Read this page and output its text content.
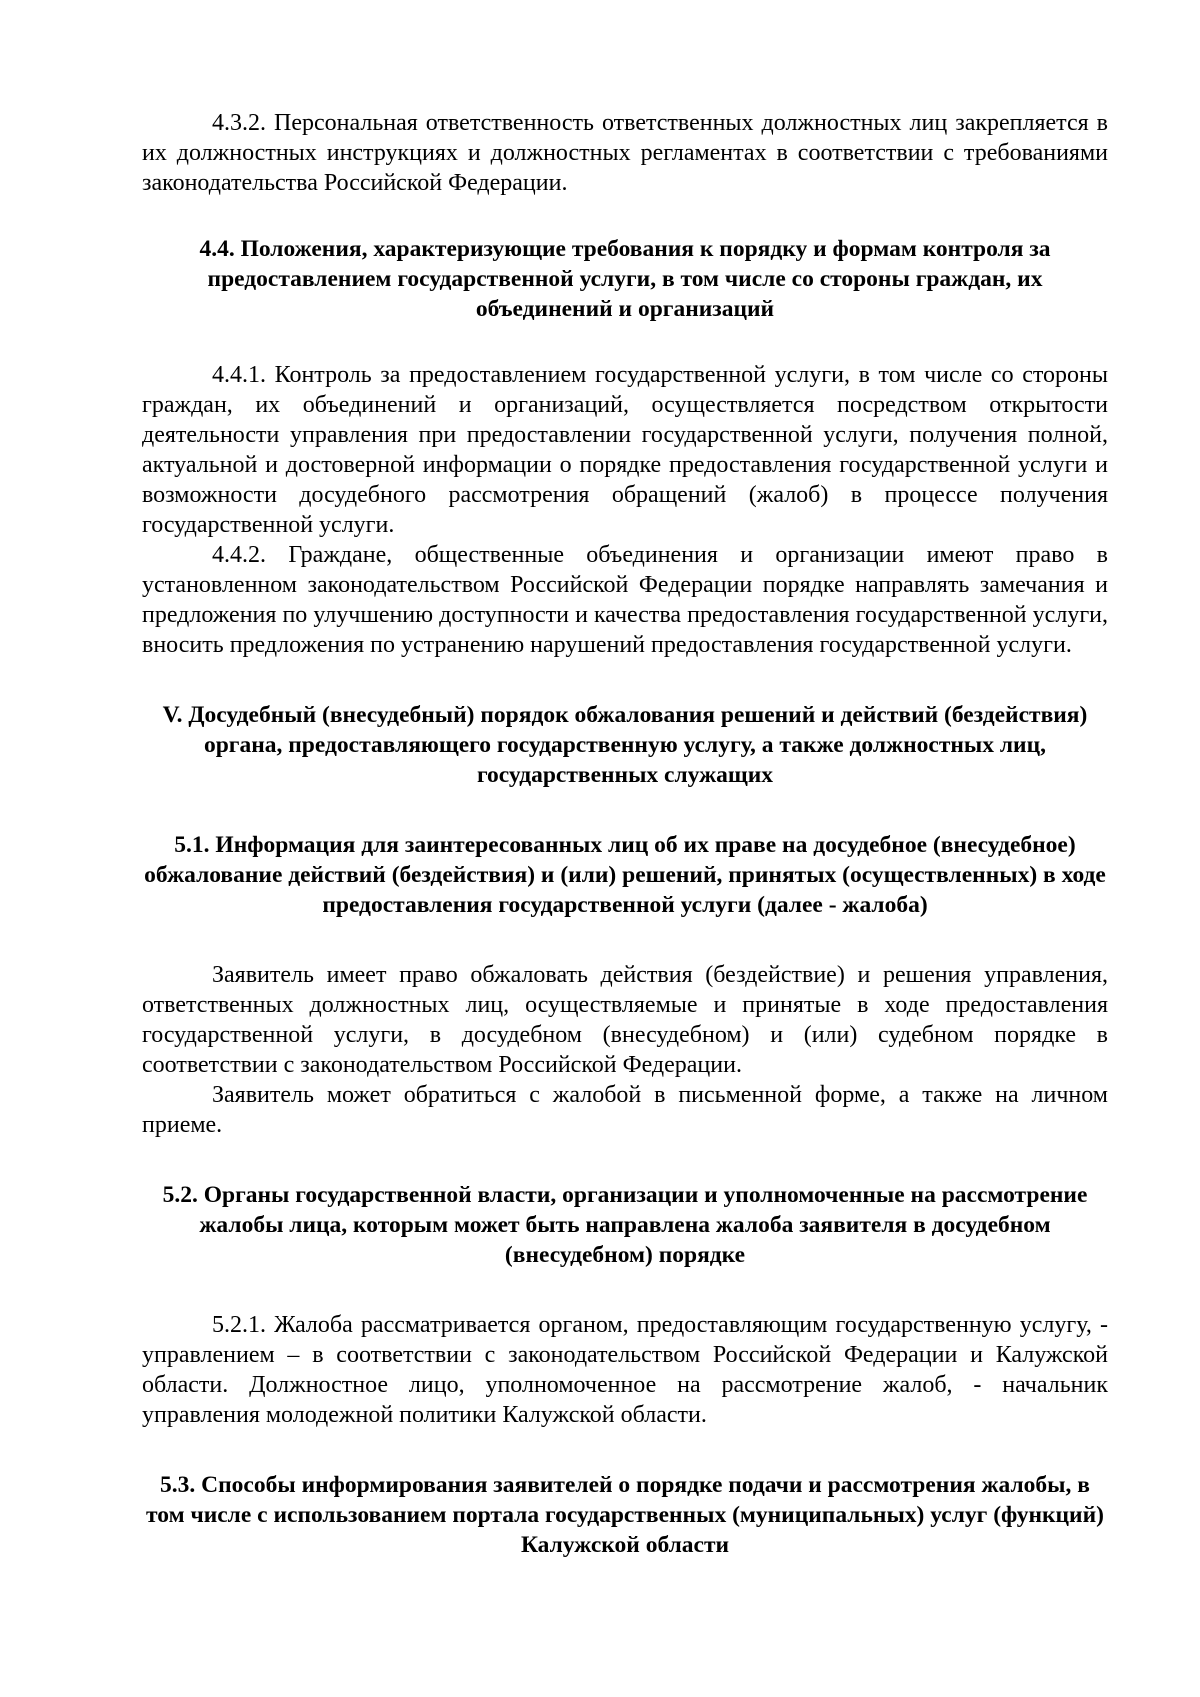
4.3.2. Персональная ответственность ответственных должностных лиц закрепляется в их должностных инструкциях и должностных регламентах в соответствии с требованиями законодательства Российской Федерации.

4.4. Положения, характеризующие требования к порядку и формам контроля за предоставлением государственной услуги, в том числе со стороны граждан, их объединений и организаций

4.4.1. Контроль за предоставлением государственной услуги, в том числе со стороны граждан, их объединений и организаций, осуществляется посредством открытости деятельности управления при предоставлении государственной услуги, получения полной, актуальной и достоверной информации о порядке предоставления государственной услуги и возможности досудебного рассмотрения обращений (жалоб) в процессе получения государственной услуги.

4.4.2. Граждане, общественные объединения и организации имеют право в установленном законодательством Российской Федерации порядке направлять замечания и предложения по улучшению доступности и качества предоставления государственной услуги, вносить предложения по устранению нарушений предоставления государственной услуги.

V. Досудебный (внесудебный) порядок обжалования решений и действий (бездействия) органа, предоставляющего государственную услугу, а также должностных лиц, государственных служащих

5.1. Информация для заинтересованных лиц об их праве на досудебное (внесудебное) обжалование действий (бездействия) и (или) решений, принятых (осуществленных) в ходе предоставления государственной услуги (далее - жалоба)

Заявитель имеет право обжаловать действия (бездействие) и решения управления, ответственных должностных лиц, осуществляемые и принятые в ходе предоставления государственной услуги, в досудебном (внесудебном) и (или) судебном порядке в соответствии с законодательством Российской Федерации.

Заявитель может обратиться с жалобой в письменной форме, а также на личном приеме.

5.2. Органы государственной власти, организации и уполномоченные на рассмотрение жалобы лица, которым может быть направлена жалоба заявителя в досудебном (внесудебном) порядке

5.2.1. Жалоба рассматривается органом, предоставляющим государственную услугу, - управлением – в соответствии с законодательством Российской Федерации и Калужской области. Должностное лицо, уполномоченное на рассмотрение жалоб, - начальник управления молодежной политики Калужской области.

5.3. Способы информирования заявителей о порядке подачи и рассмотрения жалобы, в том числе с использованием портала государственных (муниципальных) услуг (функций) Калужской области
